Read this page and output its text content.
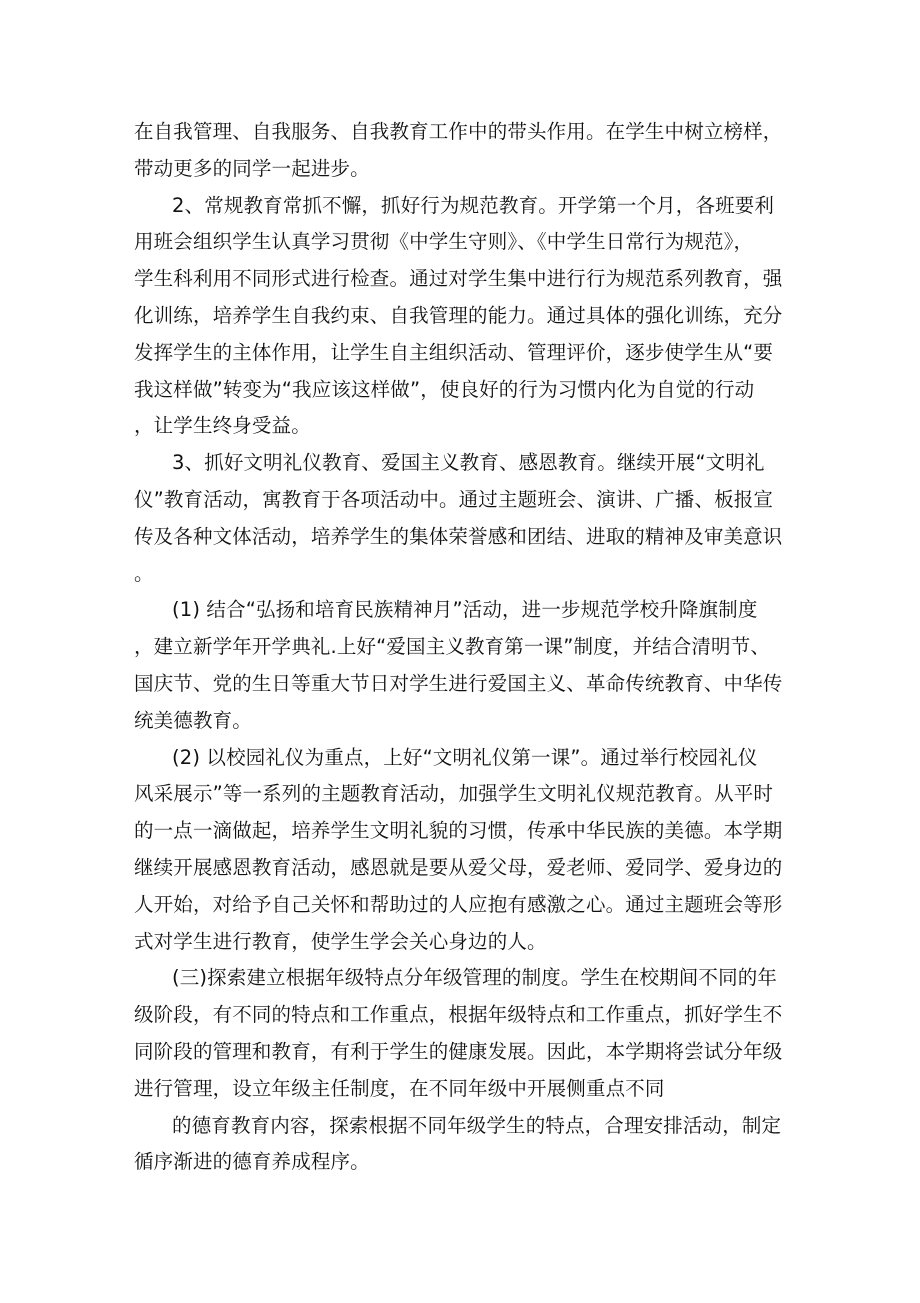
在自我管理、自我服务、自我教育工作中的带头作用。在学生中树立榜样，
带动更多的同学一起进步。
2、常规教育常抓不懈，抓好行为规范教育。开学第一个月，各班要利
用班会组织学生认真学习贯彻《中学生守则》、《中学生日常行为规范》，
学生科利用不同形式进行检查。通过对学生集中进行行为规范系列教育，强
化训练，培养学生自我约束、自我管理的能力。通过具体的强化训练，充分
发挥学生的主体作用，让学生自主组织活动、管理评价，逐步使学生从“要
我这样做”转变为“我应该这样做”，使良好的行为习惯内化为自觉的行动
，让学生终身受益。
3、抓好文明礼仪教育、爱国主义教育、感恩教育。继续开展“文明礼
仪”教育活动，寓教育于各项活动中。通过主题班会、演讲、广播、板报宣
传及各种文体活动，培养学生的集体荣誉感和团结、进取的精神及审美意识
。
(1) 结合“弘扬和培育民族精神月”活动，进一步规范学校升降旗制度
，建立新学年开学典礼.上好“爱国主义教育第一课”制度，并结合清明节、
国庆节、党的生日等重大节日对学生进行爱国主义、革命传统教育、中华传
统美德教育。
(2) 以校园礼仪为重点，上好“文明礼仪第一课”。通过举行校园礼仪
风采展示”等一系列的主题教育活动，加强学生文明礼仪规范教育。从平时
的一点一滴做起，培养学生文明礼貌的习惯，传承中华民族的美德。本学期
继续开展感恩教育活动，感恩就是要从爱父母，爱老师、爱同学、爱身边的
人开始，对给予自己关怀和帮助过的人应抱有感激之心。通过主题班会等形
式对学生进行教育，使学生学会关心身边的人。
(三)探索建立根据年级特点分年级管理的制度。学生在校期间不同的年
级阶段，有不同的特点和工作重点，根据年级特点和工作重点，抓好学生不
同阶段的管理和教育，有利于学生的健康发展。因此，本学期将尝试分年级
进行管理，设立年级主任制度，在不同年级中开展侧重点不同
的德育教育内容，探索根据不同年级学生的特点，合理安排活动，制定
循序渐进的德育养成程序。
